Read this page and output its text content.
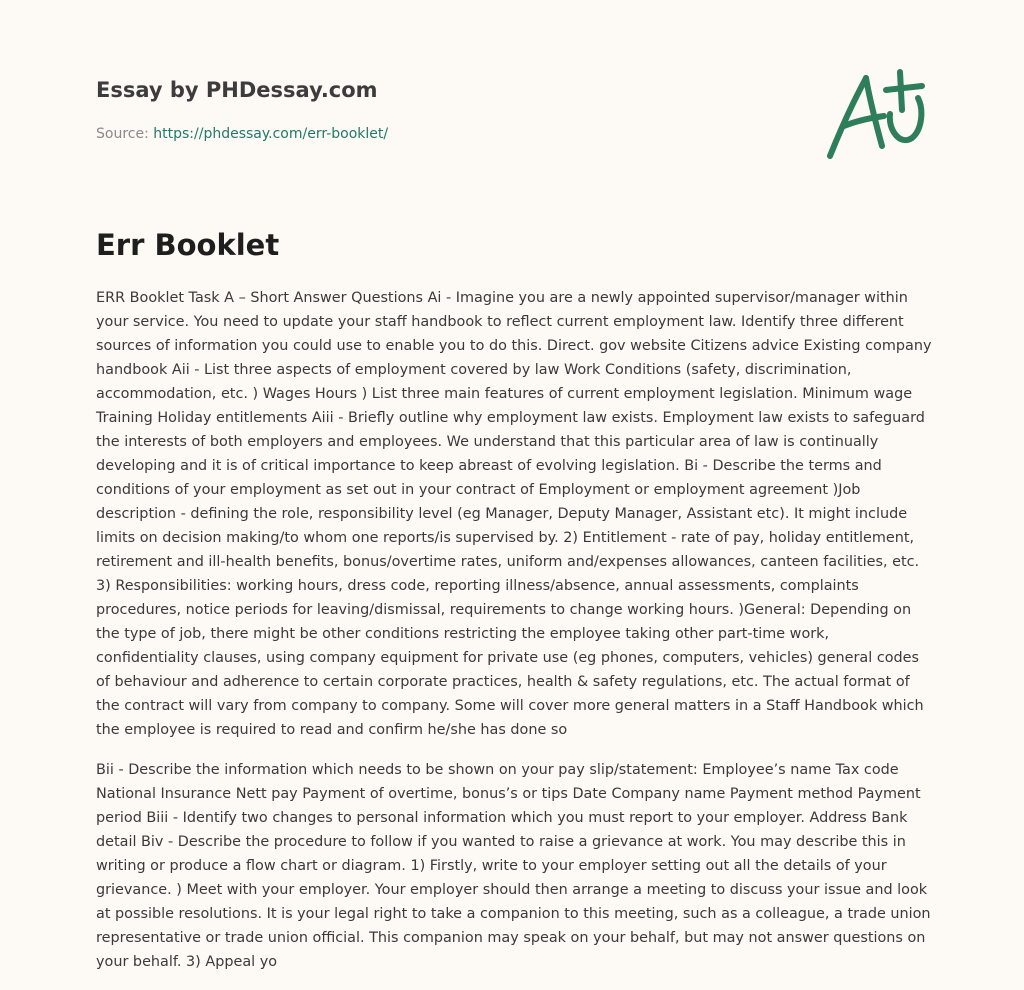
Essay by PHDessay.com

Source: https://phdessay.com/err-booklet/
Err Booklet

ERR Booklet Task A – Short Answer Questions Ai - Imagine you are a newly appointed supervisor/manager within your service. You need to update your staff handbook to reflect current employment law. Identify three different sources of information you could use to enable you to do this. Direct. gov website Citizens advice Existing company handbook Aii - List three aspects of employment covered by law Work Conditions (safety, discrimination, accommodation, etc. ) Wages Hours ) List three main features of current employment legislation. Minimum wage Training Holiday entitlements Aiii - Briefly outline why employment law exists. Employment law exists to safeguard the interests of both employers and employees. We understand that this particular area of law is continually developing and it is of critical importance to keep abreast of evolving legislation. Bi - Describe the terms and conditions of your employment as set out in your contract of Employment or employment agreement )Job description - defining the role, responsibility level (eg Manager, Deputy Manager, Assistant etc). It might include limits on decision making/to whom one reports/is supervised by. 2) Entitlement - rate of pay, holiday entitlement, retirement and ill-health benefits, bonus/overtime rates, uniform and/expenses allowances, canteen facilities, etc. 3) Responsibilities: working hours, dress code, reporting illness/absence, annual assessments, complaints procedures, notice periods for leaving/dismissal, requirements to change working hours. )General: Depending on the type of job, there might be other conditions restricting the employee taking other part-time work, confidentiality clauses, using company equipment for private use (eg phones, computers, vehicles) general codes of behaviour and adherence to certain corporate practices, health & safety regulations, etc. The actual format of the contract will vary from company to company. Some will cover more general matters in a Staff Handbook which the employee is required to read and confirm he/she has done so

Bii - Describe the information which needs to be shown on your pay slip/statement: Employee’s name Tax code National Insurance Nett pay Payment of overtime, bonus’s or tips Date Company name Payment method Payment period Biii - Identify two changes to personal information which you must report to your employer. Address Bank detail Biv - Describe the procedure to follow if you wanted to raise a grievance at work. You may describe this in writing or produce a flow chart or diagram. 1) Firstly, write to your employer setting out all the details of your grievance. ) Meet with your employer. Your employer should then arrange a meeting to discuss your issue and look at possible resolutions. It is your legal right to take a companion to this meeting, such as a colleague, a trade union representative or trade union official. This companion may speak on your behalf, but may not answer questions on your behalf. 3) Appeal yo
